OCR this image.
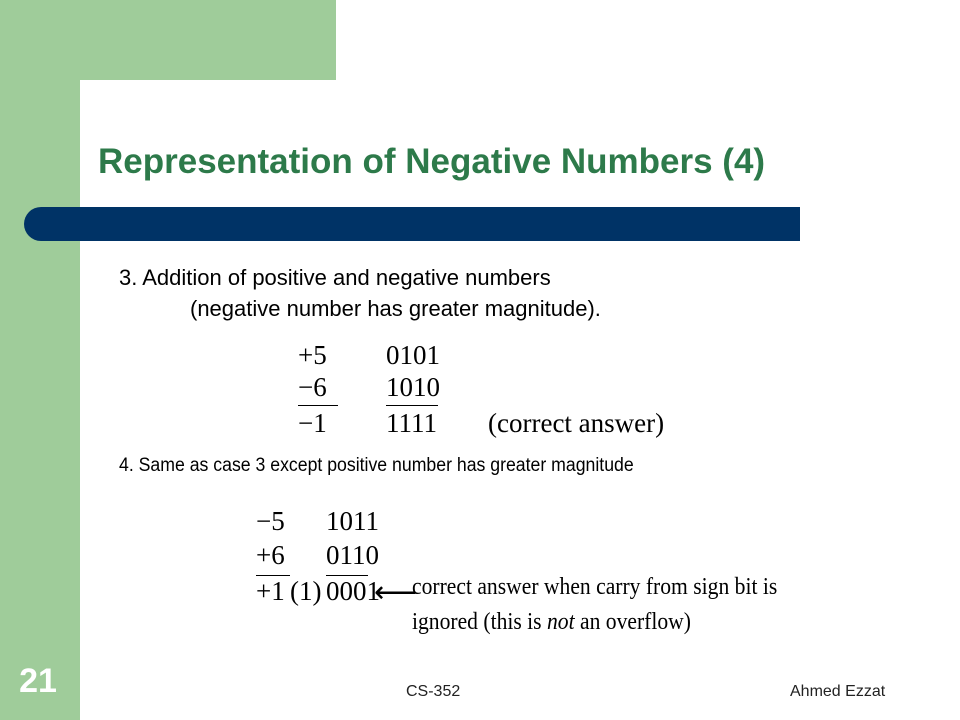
Representation of Negative Numbers (4)
3. Addition of positive and negative numbers
(negative number has greater magnitude).
+5 0101
−6 1010
−1 1111 (correct answer)
4. Same as case 3 except positive number has greater magnitude
−5 1011
+6 0110
+1 (1) 0001
⟵
correct answer when carry from sign bit is
ignored (this is not an overflow)
21	CS-352	Ahmed Ezzat
